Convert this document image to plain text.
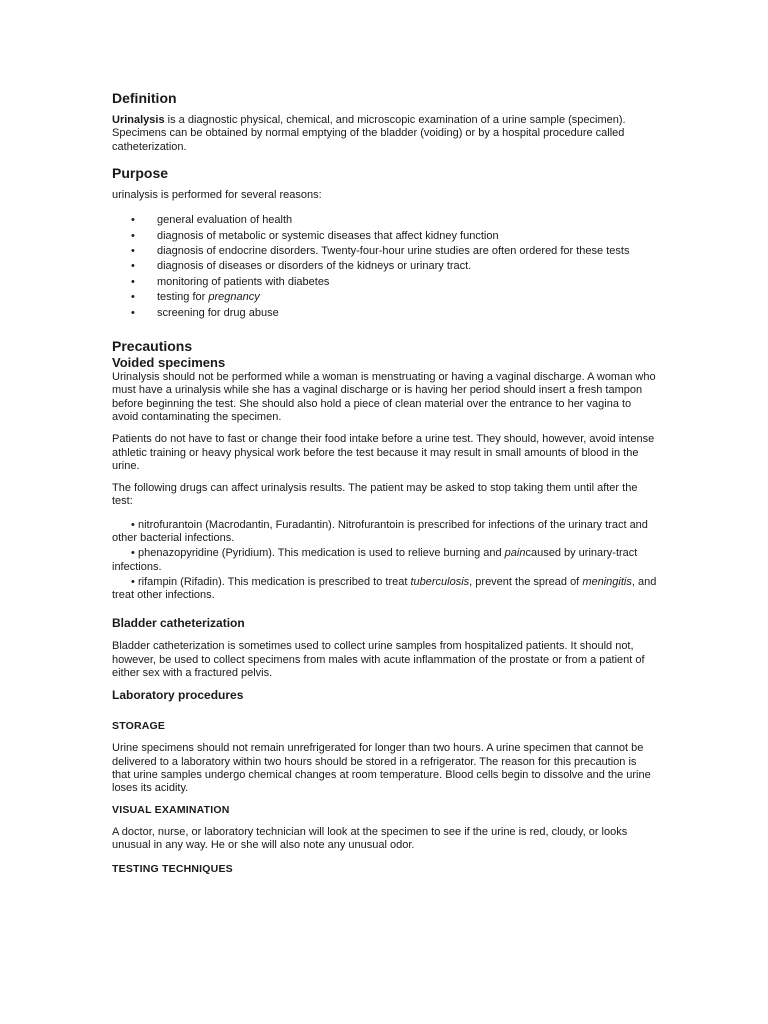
Definition

Urinalysis is a diagnostic physical, chemical, and microscopic examination of a urine sample (specimen). Specimens can be obtained by normal emptying of the bladder (voiding) or by a hospital procedure called catheterization.

Purpose

urinalysis is performed for several reasons:

• general evaluation of health
• diagnosis of metabolic or systemic diseases that affect kidney function
• diagnosis of endocrine disorders. Twenty-four-hour urine studies are often ordered for these tests
• diagnosis of diseases or disorders of the kidneys or urinary tract.
• monitoring of patients with diabetes
• testing for pregnancy
• screening for drug abuse
Precautions
Voided specimens

Urinalysis should not be performed while a woman is menstruating or having a vaginal discharge. A woman who must have a urinalysis while she has a vaginal discharge or is having her period should insert a fresh tampon before beginning the test. She should also hold a piece of clean material over the entrance to her vagina to avoid contaminating the specimen.

Patients do not have to fast or change their food intake before a urine test. They should, however, avoid intense athletic training or heavy physical work before the test because it may result in small amounts of blood in the urine.

The following drugs can affect urinalysis results. The patient may be asked to stop taking them until after the test:

• nitrofurantoin (Macrodantin, Furadantin). Nitrofurantoin is prescribed for infections of the urinary tract and other bacterial infections.
• phenazopyridine (Pyridium). This medication is used to relieve burning and paincaused by urinary-tract infections.
• rifampin (Rifadin). This medication is prescribed to treat tuberculosis, prevent the spread of meningitis, and treat other infections.
Bladder catheterization

Bladder catheterization is sometimes used to collect urine samples from hospitalized patients. It should not, however, be used to collect specimens from males with acute inflammation of the prostate or from a patient of either sex with a fractured pelvis.

Laboratory procedures
STORAGE

Urine specimens should not remain unrefrigerated for longer than two hours. A urine specimen that cannot be delivered to a laboratory within two hours should be stored in a refrigerator. The reason for this precaution is that urine samples undergo chemical changes at room temperature. Blood cells begin to dissolve and the urine loses its acidity.

VISUAL EXAMINATION

A doctor, nurse, or laboratory technician will look at the specimen to see if the urine is red, cloudy, or looks unusual in any way. He or she will also note any unusual odor.

TESTING TECHNIQUES
